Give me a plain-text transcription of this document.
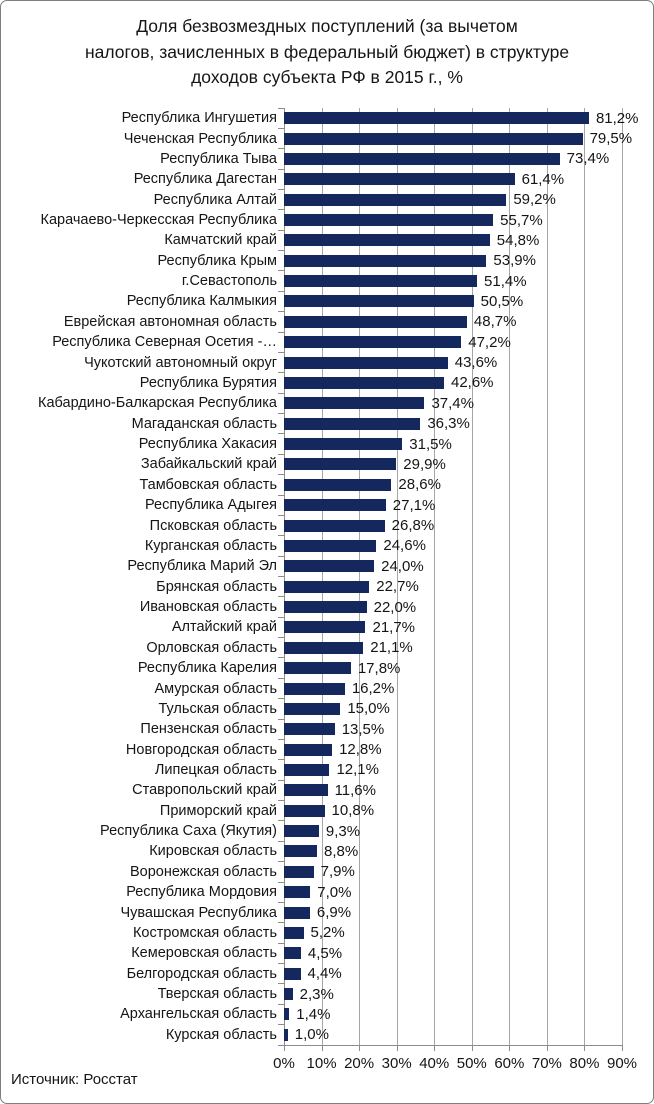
Доля безвозмездных поступлений (за вычетом
налогов, зачисленных в федеральный бюджет) в структуре
доходов субъекта РФ в 2015 г., %
Республика Ингушетия	81,2%
Чеченская Республика	79,5%
Республика Тыва	73,4%
Республика Дагестан	61,4%
Республика Алтай	59,2%
Карачаево-Черкесская Республика	55,7%
Камчатский край	54,8%
Республика Крым	53,9%
г.Севастополь	51,4%
Республика Калмыкия	50,5%
Еврейская автономная область	48,7%
Республика Северная Осетия -…	47,2%
Чукотский автономный округ	43,6%
Республика Бурятия	42,6%
Кабардино-Балкарская Республика	37,4%
Магаданская область	36,3%
Республика Хакасия	31,5%
Забайкальский край	29,9%
Тамбовская область	28,6%
Республика Адыгея	27,1%
Псковская область	26,8%
Курганская область	24,6%
Республика Марий Эл	24,0%
Брянская область	22,7%
Ивановская область	22,0%
Алтайский край	21,7%
Орловская область	21,1%
Республика Карелия	17,8%
Амурская область	16,2%
Тульская область	15,0%
Пензенская область	13,5%
Новгородская область	12,8%
Липецкая область	12,1%
Ставропольский край	11,6%
Приморский край	10,8%
Республика Саха (Якутия)	9,3%
Кировская область	8,8%
Воронежская область	7,9%
Республика Мордовия	7,0%
Чувашская Республика	6,9%
Костромская область 5,2%
Кемеровская область 4,5%
Белгородская область 4,4%
Тверская область 2,3%
Архангельская область 1,4%
Курская область 1,0%
0% 10% 20% 30% 40% 50% 60% 70% 80% 90%
Источник: Росстат
